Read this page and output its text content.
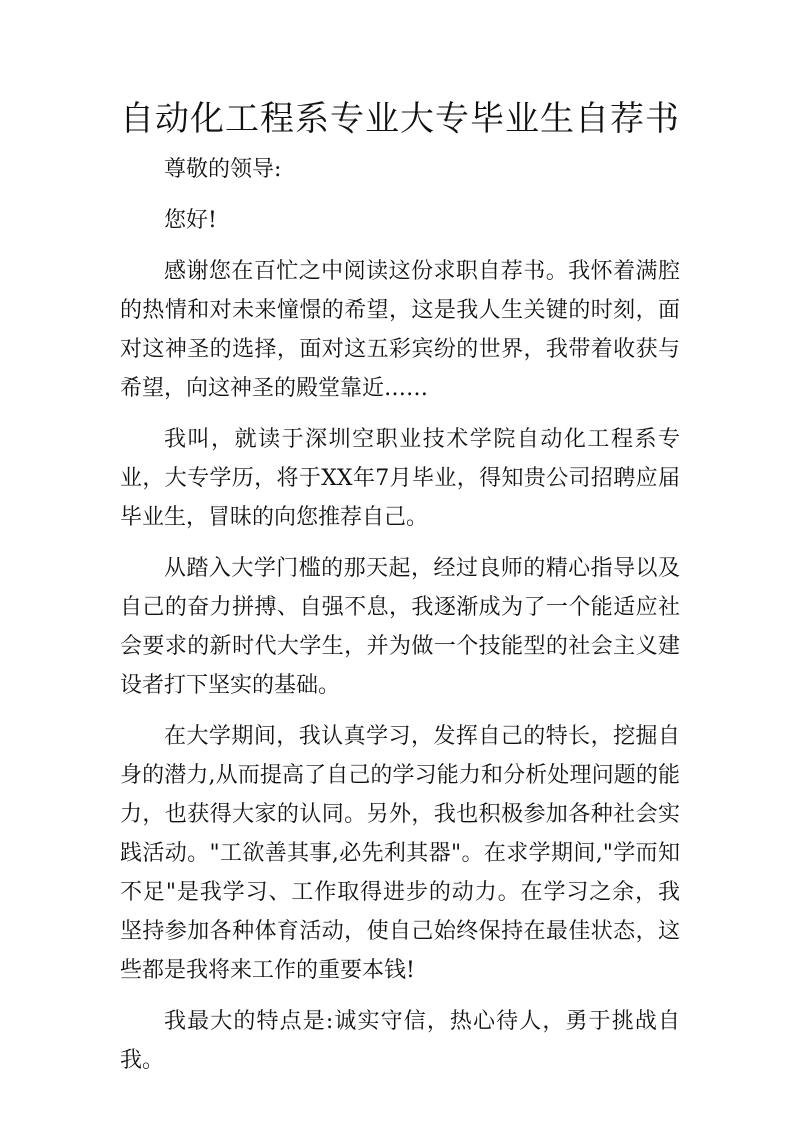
自动化工程系专业大专毕业生自荐书

尊敬的领导:

您好!

感谢您在百忙之中阅读这份求职自荐书。我怀着满腔的热情和对未来憧憬的希望，这是我人生关键的时刻，面对这神圣的选择，面对这五彩宾纷的世界，我带着收获与希望，向这神圣的殿堂靠近……

我叫，就读于深圳空职业技术学院自动化工程系专业，大专学历，将于XX年7月毕业，得知贵公司招聘应届毕业生，冒昧的向您推荐自己。

从踏入大学门槛的那天起，经过良师的精心指导以及自己的奋力拼搏、自强不息，我逐渐成为了一个能适应社会要求的新时代大学生，并为做一个技能型的社会主义建设者打下坚实的基础。

在大学期间，我认真学习，发挥自己的特长，挖掘自身的潜力,从而提高了自己的学习能力和分析处理问题的能力，也获得大家的认同。另外，我也积极参加各种社会实践活动。"工欲善其事,必先利其器"。在求学期间,"学而知不足"是我学习、工作取得进步的动力。在学习之余，我坚持参加各种体育活动，使自己始终保持在最佳状态，这些都是我将来工作的重要本钱!

我最大的特点是:诚实守信，热心待人，勇于挑战自我。
